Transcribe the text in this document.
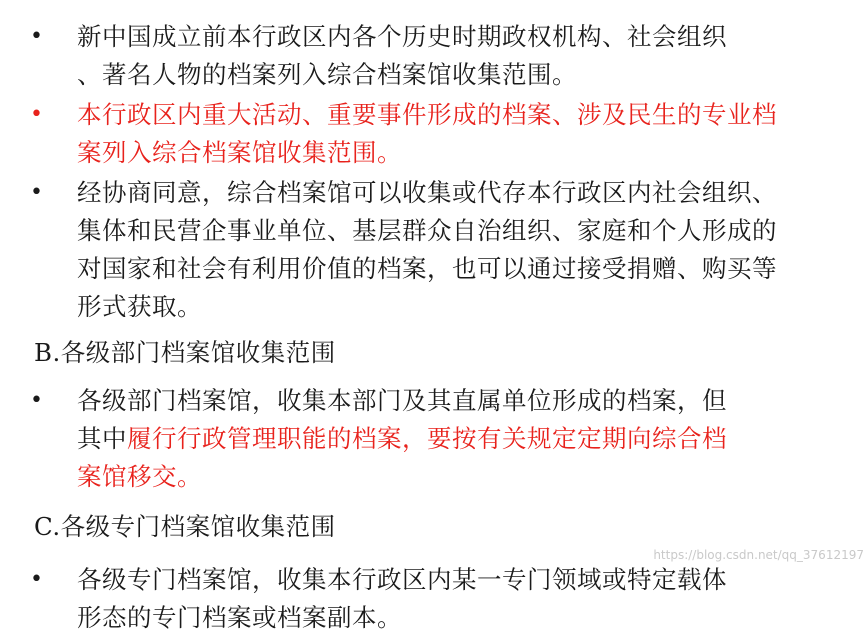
•	新中国成立前本行政区内各个历史时期政权机构、社会组织
、著名人物的档案列入综合档案馆收集范围。
•	本行政区内重大活动、重要事件形成的档案、涉及民生的专业档
案列入综合档案馆收集范围。
•	经协商同意，综合档案馆可以收集或代存本行政区内社会组织、
集体和民营企事业单位、基层群众自治组织、家庭和个人形成的
对国家和社会有利用价值的档案，也可以通过接受捐赠、购买等
形式获取。
B.各级部门档案馆收集范围
•	各级部门档案馆，收集本部门及其直属单位形成的档案，但
其中履行行政管理职能的档案，要按有关规定定期向综合档
案馆移交。
C.各级专门档案馆收集范围
https://blog.csdn.net/qq_37612197
•	各级专门档案馆，收集本行政区内某一专门领域或特定载体
形态的专门档案或档案副本。
